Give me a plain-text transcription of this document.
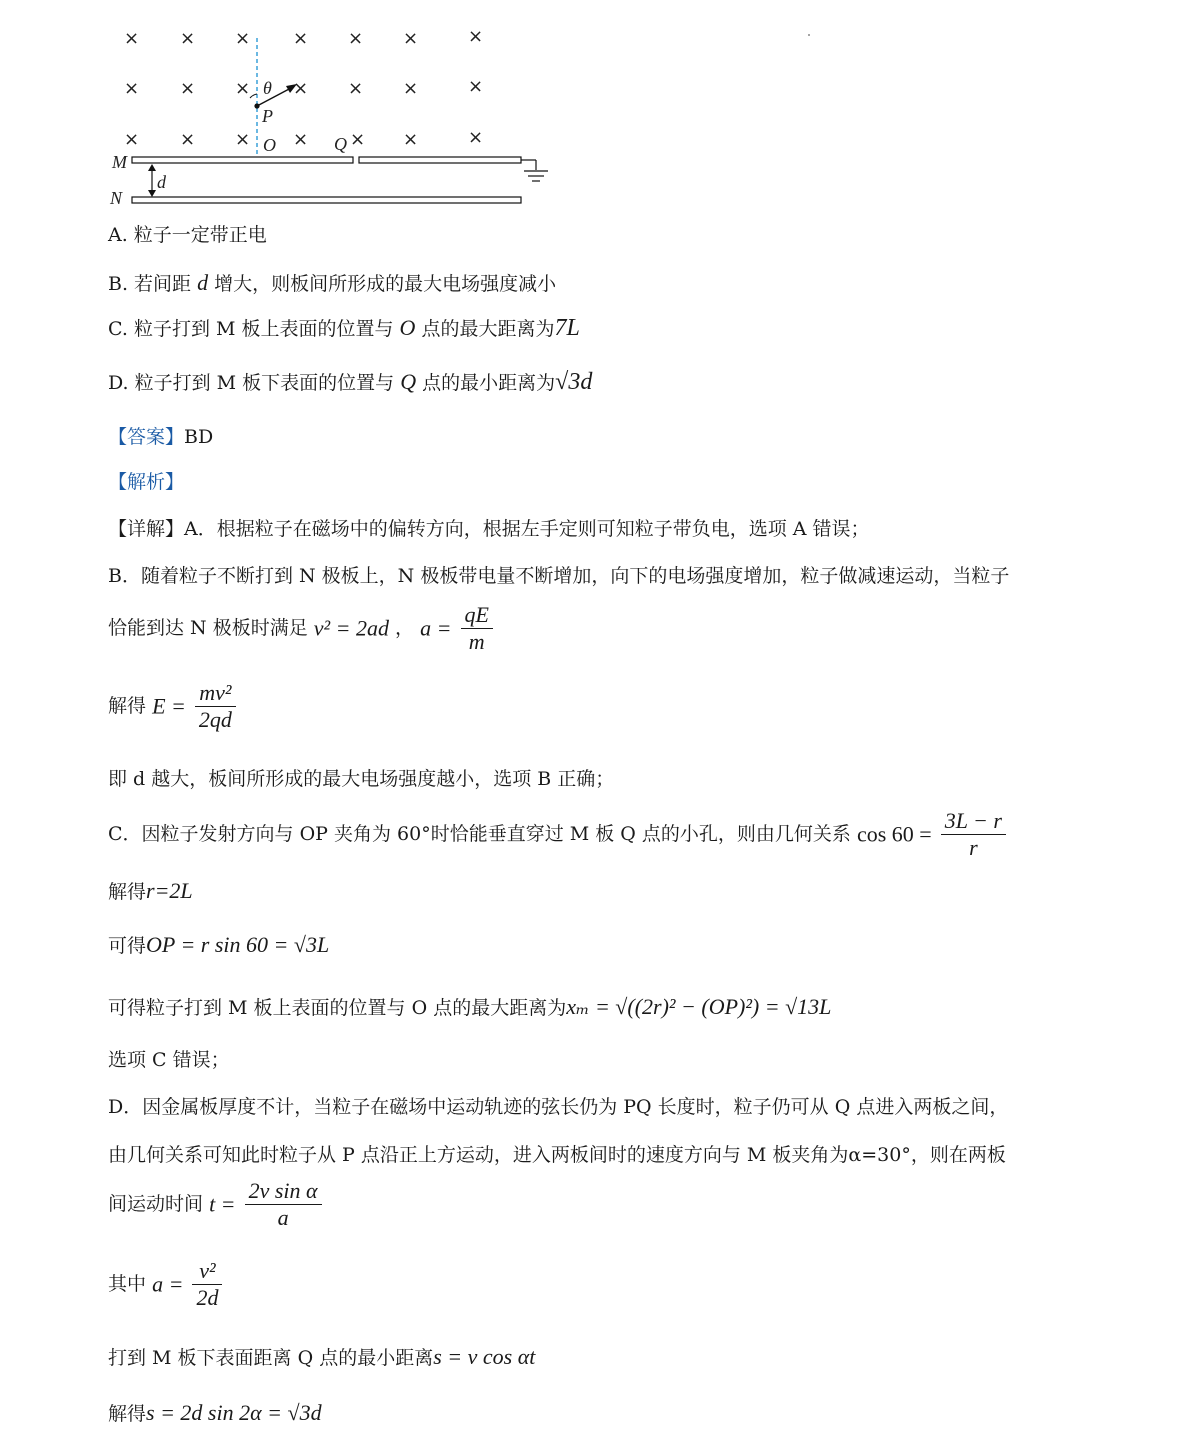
× × × × × ×	×
× × × × × ×	×
× × × × × ×	×
θ
P
O	Q
M
N
d
A. 粒子一定带正电
B. 若间距 d 增大，则板间所形成的最大电场强度减小
C. 粒子打到 M 板上表面的位置与 O 点的最大距离为7L
D. 粒子打到 M 板下表面的位置与 Q 点的最小距离为√3d
【答案】BD
【解析】
【详解】A．根据粒子在磁场中的偏转方向，根据左手定则可知粒子带负电，选项 A 错误；
B．随着粒子不断打到 N 极板上，N 极板带电量不断增加，向下的电场强度增加，粒子做减速运动，当粒子
恰能到达 N 极板时满足 v² = 2ad ， $a = \frac{qE}{m}$
解得 $E = \frac{\text{mv²}}{2qd}$
即 d 越大，板间所形成的最大电场强度越小，选项 B 正确；
C．因粒子发射方向与 OP 夹角为 60°时恰能垂直穿过 M 板 Q 点的小孔，则由几何关系 $\cos 60 = \frac{3L - r}{r}$
解得r=2L
可得OP = r sin 60 = √3L
可得粒子打到 M 板上表面的位置与 O 点的最大距离为xₘ = √((2r)² − (OP)²) = √13L
选项 C 错误；
D．因金属板厚度不计，当粒子在磁场中运动轨迹的弦长仍为 PQ 长度时，粒子仍可从 Q 点进入两板之间，
由几何关系可知此时粒子从 P 点沿正上方运动，进入两板间时的速度方向与 M 板夹角为α=30°，则在两板
间运动时间 $t = \frac{\text{2v sin α}}{a}$
其中 $a = \frac{\text{v²}}{2d}$
打到 M 板下表面距离 Q 点的最小距离s = v cos αt
解得s = 2d sin 2α = √3d
